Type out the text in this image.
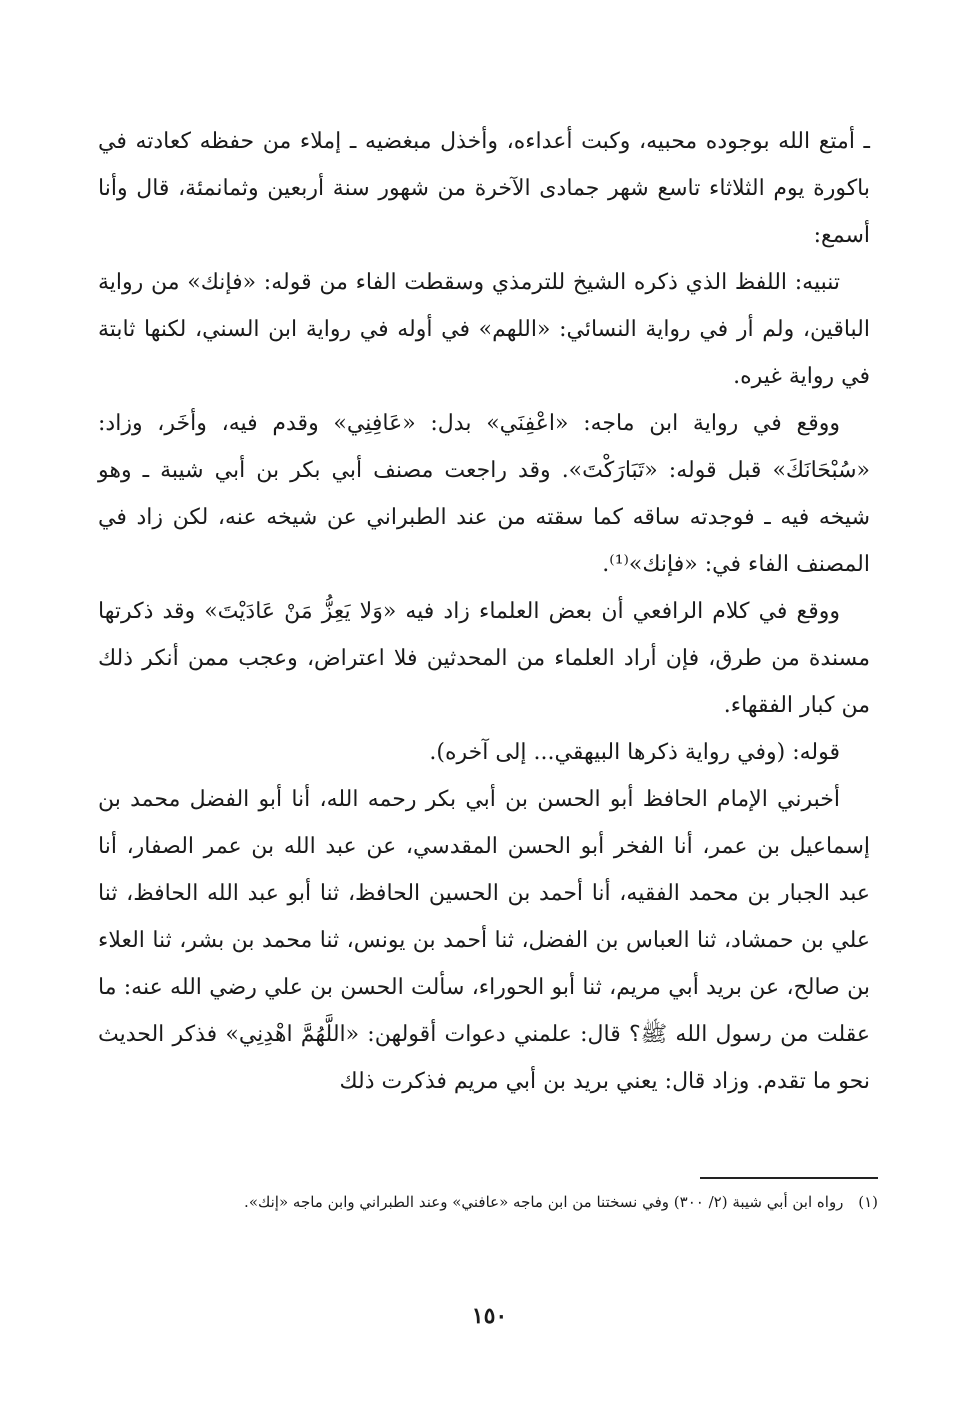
ـ أمتع الله بوجوده محبيه، وكبت أعداءه، وأخذل مبغضيه ـ إملاء من حفظه كعادته في باكورة يوم الثلاثاء تاسع شهر جمادى الآخرة من شهور سنة أربعين وثمانمئة، قال وأنا أسمع:

تنبيه: اللفظ الذي ذكره الشيخ للترمذي وسقطت الفاء من قوله: «فإنك» من رواية الباقين، ولم أر في رواية النسائي: «اللهم» في أوله في رواية ابن السني، لكنها ثابتة في رواية غيره.

ووقع في رواية ابن ماجه: «اعْفِنَي» بدل: «عَافِنِي» وقدم فيه، وأخَر، وزاد: «سُبْحَانَكَ» قبل قوله: «تَبَارَكْتَ». وقد راجعت مصنف أبي بكر بن أبي شيبة ـ وهو شيخه فيه ـ فوجدته ساقه كما سقته من عند الطبراني عن شيخه عنه، لكن زاد في المصنف الفاء في: «فإنك»⁽¹⁾.

ووقع في كلام الرافعي أن بعض العلماء زاد فيه «وَلا يَعِزُّ مَنْ عَادَيْتَ» وقد ذكرتها مسندة من طرق، فإن أراد العلماء من المحدثين فلا اعتراض، وعجب ممن أنكر ذلك من كبار الفقهاء.

قوله: (وفي رواية ذكرها البيهقي... إلى آخره).

أخبرني الإمام الحافظ أبو الحسن بن أبي بكر رحمه الله، أنا أبو الفضل محمد بن إسماعيل بن عمر، أنا الفخر أبو الحسن المقدسي، عن عبد الله بن عمر الصفار، أنا عبد الجبار بن محمد الفقيه، أنا أحمد بن الحسين الحافظ، ثنا أبو عبد الله الحافظ، ثنا علي بن حمشاد، ثنا العباس بن الفضل، ثنا أحمد بن يونس، ثنا محمد بن بشر، ثنا العلاء بن صالح، عن بريد أبي مريم، ثنا أبو الحوراء، سألت الحسن بن علي رضي الله عنه: ما عقلت من رسول الله ﷺ؟ قال: علمني دعوات أقولهن: «اللَّهُمَّ اهْدِنِي» فذكر الحديث نحو ما تقدم. وزاد قال: يعني بريد بن أبي مريم فذكرت ذلك

(١) رواه ابن أبي شيبة (٢/ ٣٠٠) وفي نسختنا من ابن ماجه «عافني» وعند الطبراني وابن ماجه «إنك».
١٥٠
